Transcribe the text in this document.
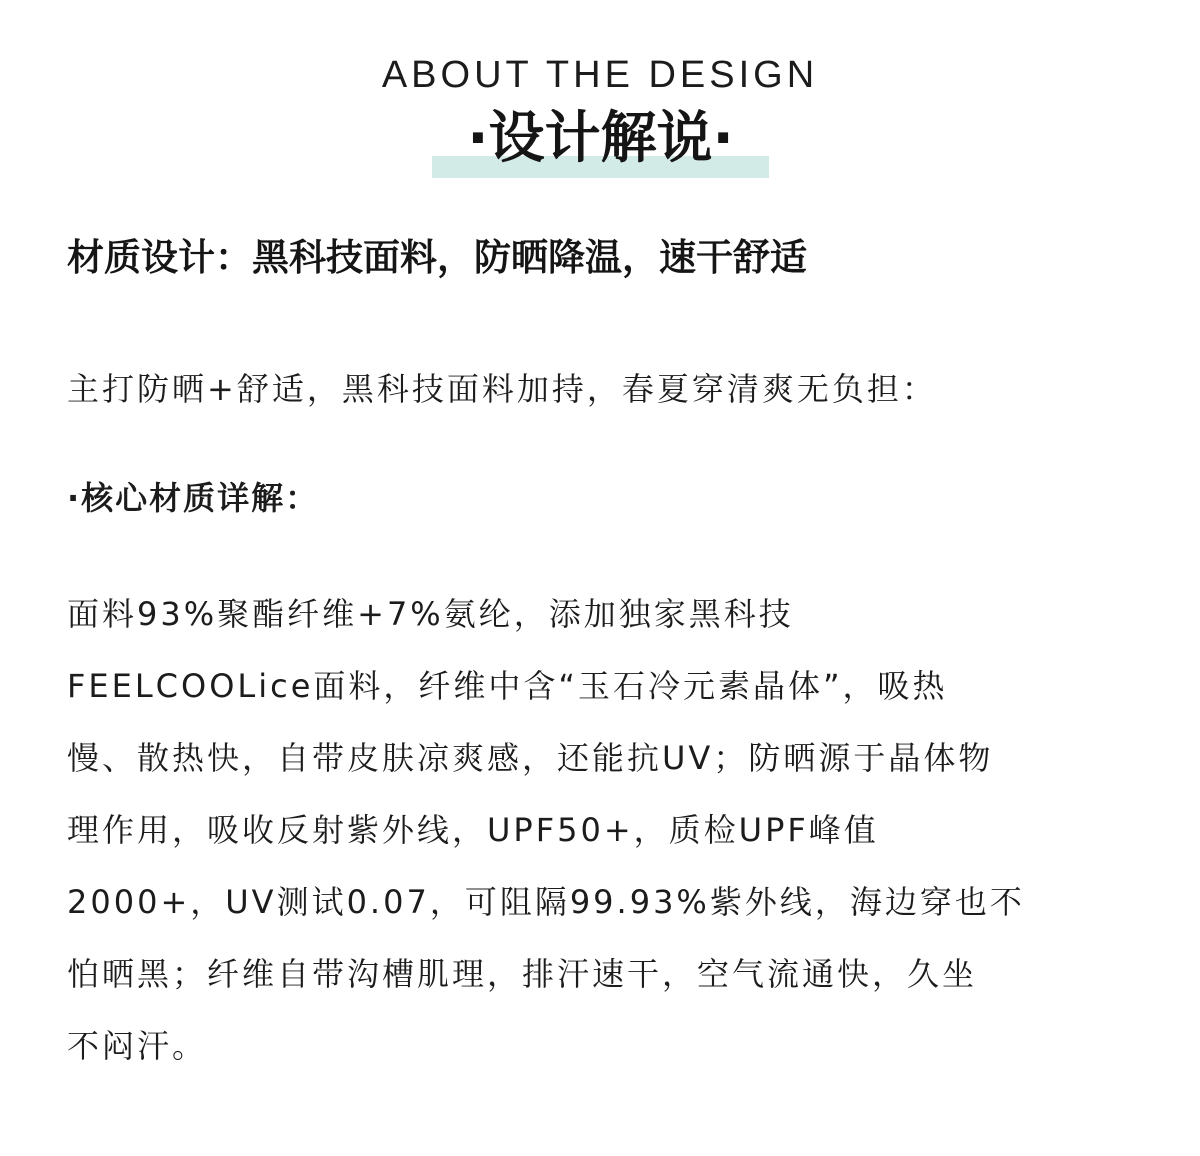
ABOUT THE DESIGN
·设计解说·
材质设计：黑科技面料，防晒降温，速干舒适
主打防晒+舒适，黑科技面料加持，春夏穿清爽无负担：
·核心材质详解：
面料93%聚酯纤维+7%氨纶，添加独家黑科技
FEELCOOLice面料，纤维中含“玉石冷元素晶体”，吸热
慢、散热快，自带皮肤凉爽感，还能抗UV；防晒源于晶体物
理作用，吸收反射紫外线，UPF50+，质检UPF峰值
2000+，UV测试0.07，可阻隔99.93%紫外线，海边穿也不
怕晒黑；纤维自带沟槽肌理，排汗速干，空气流通快，久坐
不闷汗。
